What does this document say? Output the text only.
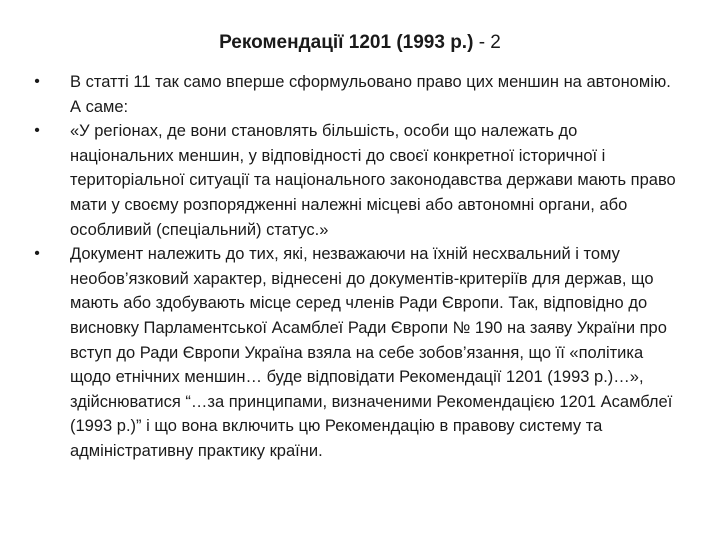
Рекомендації 1201 (1993 р.) - 2
• В статті 11 так само вперше сформульовано право цих меншин на автономію. А саме:
• «У регіонах, де вони становлять більшість, особи що належать до національних меншин, у відповідності до своєї конкретної історичної і територіальної ситуації та національного законодавства держави мають право мати у своєму розпорядженні належні місцеві або автономні органи, або особливий (спеціальний) статус.»
• Документ належить до тих, які, незважаючи на їхній несхвальний і тому необов’язковий характер, віднесені до документів-критеріїв для держав, що мають або здобувають місце серед членів Ради Європи. Так, відповідно до висновку Парламентської Асамблеї Ради Європи № 190 на заяву України про вступ до Ради Європи Україна взяла на себе зобов’язання, що її «політика щодо етнічних меншин… буде відповідати Рекомендації 1201 (1993 р.)…», здійснюватися “…за принципами, визначеними Рекомендацією 1201 Асамблеї (1993 р.)” і що вона включить цю Рекомендацію в правову систему та адміністративну практику країни.
